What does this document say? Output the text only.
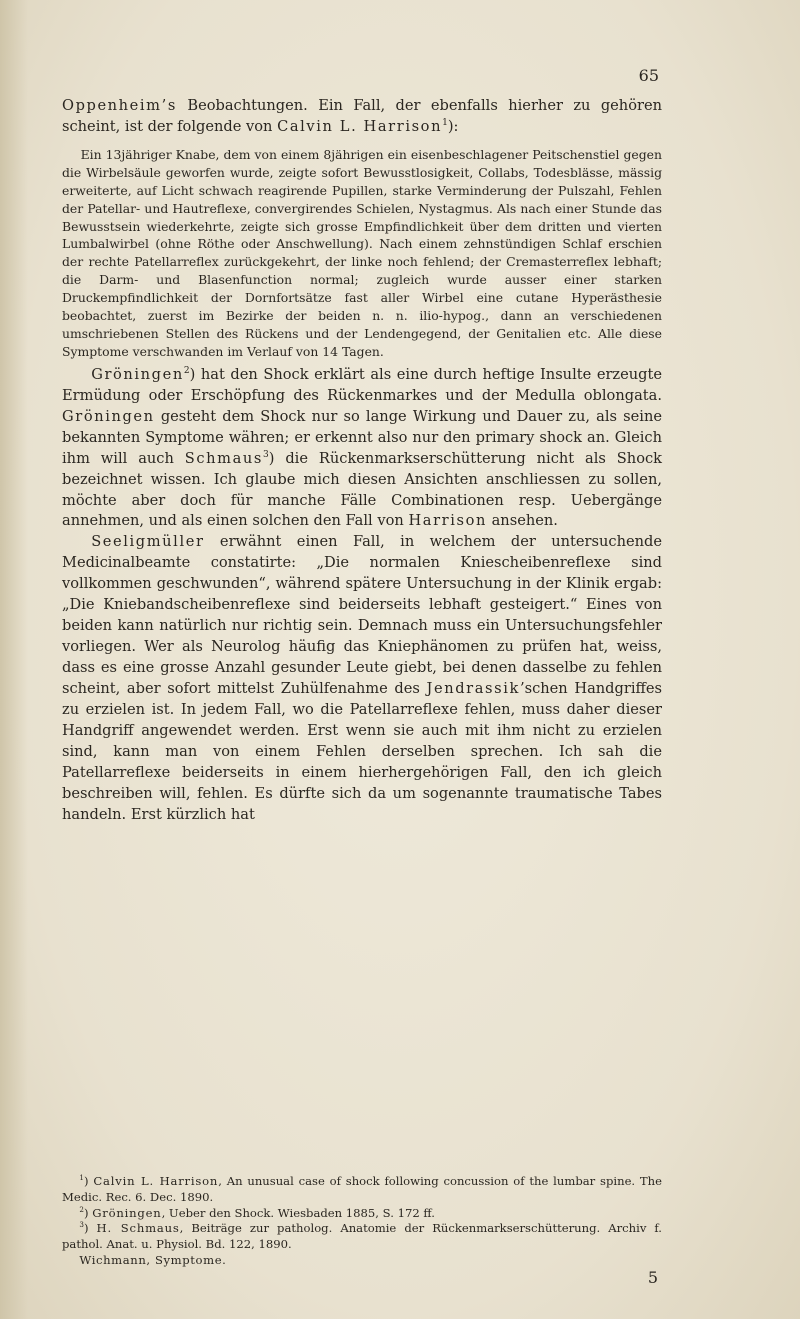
65

Oppenheim’s Beobachtungen. Ein Fall, der ebenfalls hierher zu gehören scheint, ist der folgende von Calvin L. Harrison$^1$):

Ein 13jähriger Knabe, dem von einem 8jährigen ein eisenbeschlagener Peitschenstiel gegen die Wirbelsäule geworfen wurde, zeigte sofort Bewusstlosigkeit, Collabs, Todesblässe, mässig erweiterte, auf Licht schwach reagirende Pupillen, starke Verminderung der Pulszahl, Fehlen der Patellar- und Hautreflexe, convergirendes Schielen, Nystagmus. Als nach einer Stunde das Bewusstsein wiederkehrte, zeigte sich grosse Empfindlichkeit über dem dritten und vierten Lumbalwirbel (ohne Röthe oder Anschwellung). Nach einem zehnstündigen Schlaf erschien der rechte Patellarreflex zurückgekehrt, der linke noch fehlend; der Cremasterreflex lebhaft; die Darm- und Blasenfunction normal; zugleich wurde ausser einer starken Druckempfindlichkeit der Dornfortsätze fast aller Wirbel eine cutane Hyperästhesie beobachtet, zuerst im Bezirke der beiden n. n. ilio-hypog., dann an verschiedenen umschriebenen Stellen des Rückens und der Lendengegend, der Genitalien etc. Alle diese Symptome verschwanden im Verlauf von 14 Tagen.

Gröningen$^2$) hat den Shock erklärt als eine durch heftige Insulte erzeugte Ermüdung oder Erschöpfung des Rückenmarkes und der Medulla oblongata. Gröningen gesteht dem Shock nur so lange Wirkung und Dauer zu, als seine bekannten Symptome währen; er erkennt also nur den primary shock an. Gleich ihm will auch Schmaus$^3$) die Rückenmarkserschütterung nicht als Shock bezeichnet wissen. Ich glaube mich diesen Ansichten anschliessen zu sollen, möchte aber doch für manche Fälle Combinationen resp. Uebergänge annehmen, und als einen solchen den Fall von Harrison ansehen.

Seeligmüller erwähnt einen Fall, in welchem der untersuchende Medicinalbeamte constatirte: „Die normalen Kniescheibenreflexe sind vollkommen geschwunden“, während spätere Untersuchung in der Klinik ergab: „Die Kniebandscheibenreflexe sind beiderseits lebhaft gesteigert.“ Eines von beiden kann natürlich nur richtig sein. Demnach muss ein Untersuchungsfehler vorliegen. Wer als Neurolog häufig das Kniephänomen zu prüfen hat, weiss, dass es eine grosse Anzahl gesunder Leute giebt, bei denen dasselbe zu fehlen scheint, aber sofort mittelst Zuhülfenahme des Jendrassik’schen Handgriffes zu erzielen ist. In jedem Fall, wo die Patellarreflexe fehlen, muss daher dieser Handgriff angewendet werden. Erst wenn sie auch mit ihm nicht zu erzielen sind, kann man von einem Fehlen derselben sprechen. Ich sah die Patellarreflexe beiderseits in einem hierhergehörigen Fall, den ich gleich beschreiben will, fehlen. Es dürfte sich da um sogenannte traumatische Tabes handeln. Erst kürzlich hat

$^1$) Calvin L. Harrison, An unusual case of shock following concussion of the lumbar spine. The Medic. Rec. 6. Dec. 1890.

$^2$) Gröningen, Ueber den Shock. Wiesbaden 1885, S. 172 ff.

$^3$) H. Schmaus, Beiträge zur patholog. Anatomie der Rückenmarkserschütterung. Archiv f. pathol. Anat. u. Physiol. Bd. 122, 1890.

Wichmann, Symptome.

5
